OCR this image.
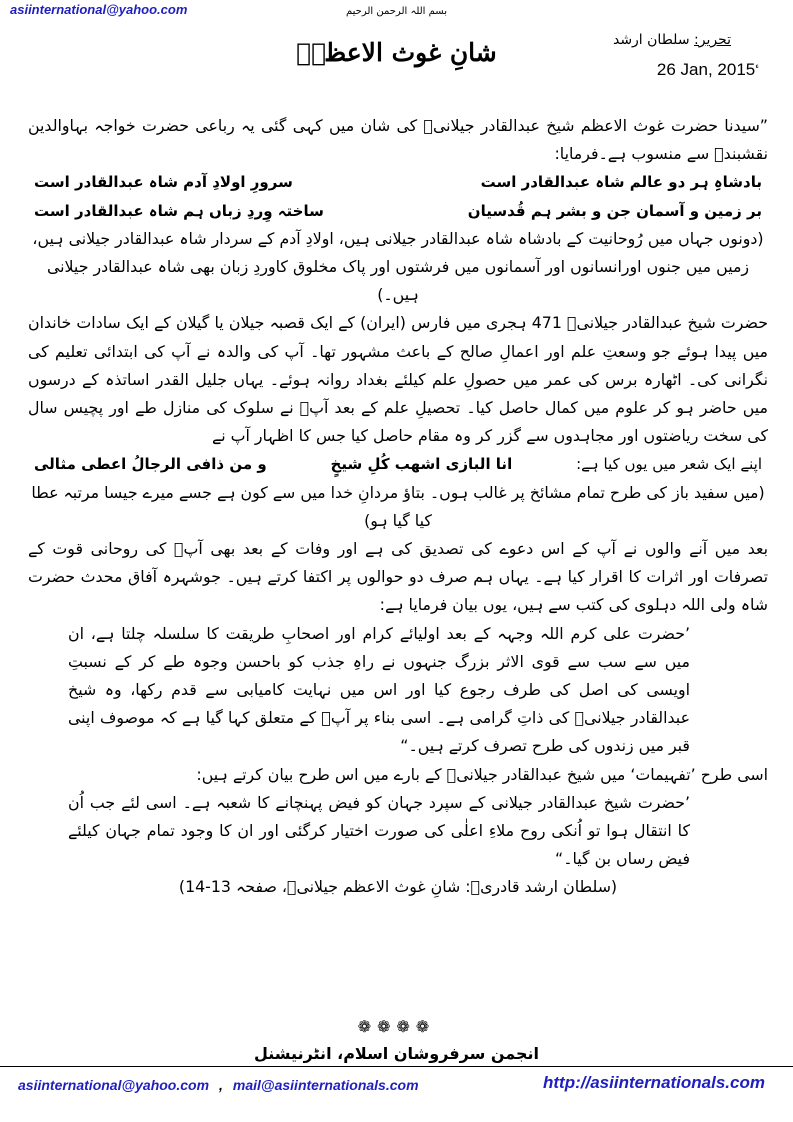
asiinternational@yahoo.com	بسم اللہ الرحمن الرحیم
تحریر: سلطان ارشد
26 Jan, $2015^ء$
شانِ غوث الاعظمؒ

”سیدنا حضرت غوث الاعظم شیخ عبدالقادر جیلانیؒ کی شان میں کہی گئی یہ رباعی حضرت خواجہ بہاوالدین نقشبندؒ سے منسوب ہے۔فرمایا:

بادشاہِ ہر دو عالم شاہ عبدالقادر است
سرورِ اولادِ آدم شاہ عبدالقادر است
بر زمین و آسمان جن و بشر ہم قُدسیان
ساختہ وِردِ زباں ہم شاہ عبدالقادر است

(دونوں جہاں میں رُوحانیت کے بادشاہ شاہ عبدالقادر جیلانی ہیں، اولادِ آدم کے سردار شاہ عبدالقادر جیلانی ہیں،

زمیں میں جنوں اورانسانوں اور آسمانوں میں فرشتوں اور پاک مخلوق کاوردِ زبان بھی شاہ عبدالقادر جیلانی ہیں۔)

حضرت شیخ عبدالقادر جیلانیؒ 471 ہجری میں فارس (ایران) کے ایک قصبہ جیلان یا گیلان کے ایک سادات خاندان میں پیدا ہوئے جو وسعتِ علم اور اعمالِ صالح کے باعث مشہور تھا۔ آپ کی والدہ نے آپ کی ابتدائی تعلیم کی نگرانی کی۔ اٹھارہ برس کی عمر میں حصولِ علم کیلئے بغداد روانہ ہوئے۔ یہاں جلیل القدر اساتذہ کے درسوں میں حاضر ہو کر علوم میں کمال حاصل کیا۔ تحصیلِ علم کے بعد آپؒ نے سلوک کی منازل طے اور پچیس سال کی سخت ریاضتوں اور مجاہدوں سے گزر کر وہ مقام حاصل کیا جس کا اظہار آپ نے

اپنے ایک شعر میں یوں کیا ہے:
انا البازی اشھب کُلِ شیخٍ
و من ذافی الرجالُ اعطی مثالی

(میں سفید باز کی طرح تمام مشائخ پر غالب ہوں۔ بتاؤ مردانِ خدا میں سے کون ہے جسے میرے جیسا مرتبہ عطا کیا گیا ہو)

بعد میں آنے والوں نے آپ کے اس دعوے کی تصدیق کی ہے اور وفات کے بعد بھی آپؒ کی روحانی قوت کے تصرفات اور اثرات کا اقرار کیا ہے۔ یہاں ہم صرف دو حوالوں پر اکتفا کرتے ہیں۔ جوشہرہ آفاق محدث حضرت شاہ ولی اللہ دہلوی کی کتب سے ہیں، یوں بیان فرمایا ہے:

’حضرت علی کرم اللہ وجہہ کے بعد اولیائے کرام اور اصحابِ طریقت کا سلسلہ چلتا ہے، ان میں سے سب سے قوی الاثر بزرگ جنہوں نے راہِ جذب کو باحسن وجوہ طے کر کے نسبتِ اویسی کی اصل کی طرف رجوع کیا اور اس میں نہایت کامیابی سے قدم رکھا، وہ شیخ عبدالقادر جیلانیؒ کی ذاتِ گرامی ہے۔ اسی بناء پر آپؒ کے متعلق کہا گیا ہے کہ موصوف اپنی قبر میں زندوں کی طرح تصرف کرتے ہیں۔“

اسی طرح ’تفہیمات‘ میں شیخ عبدالقادر جیلانیؒ کے بارے میں اس طرح بیان کرتے ہیں:

’حضرت شیخ عبدالقادر جیلانی کے سپرد جہان کو فیض پہنچانے کا شعبہ ہے۔ اسی لئے جب اُن کا انتقال ہوا تو اُنکی روح ملاءِ اعلٰی کی صورت اختیار کرگئی اور ان کا وجود تمام جہان کیلئے فیض رساں بن گیا۔“

(سلطان ارشد قادریؒ: شانِ غوث الاعظم جیلانیؒ، صفحہ 13-14)

❁❁❁❁
انجمن سرفروشان اسلام، انٹرنیشنل
asiinternational@yahoo.com , mail@asiinternationals.com	http://asiinternationals.com
